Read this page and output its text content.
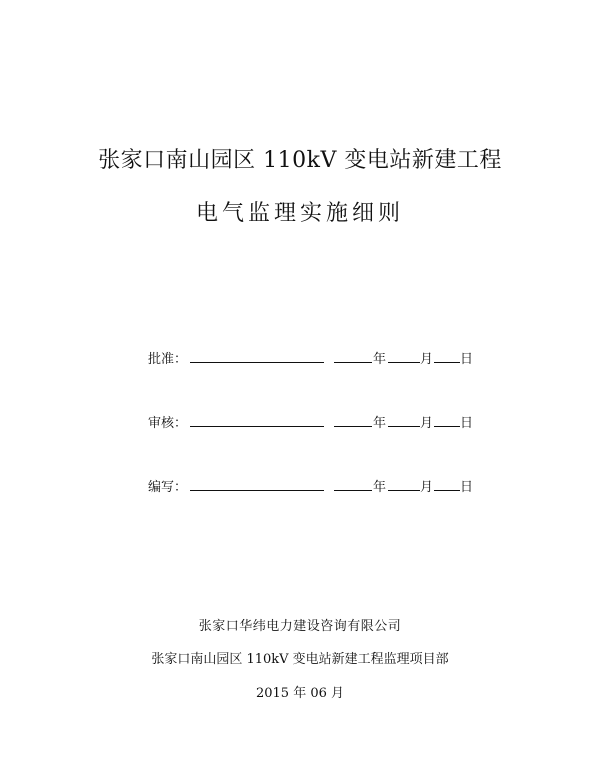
张家口南山园区 110kV 变电站新建工程
电气监理实施细则
批准：	年	月 日
审核：	年	月 日
编写：	年	月 日
张家口华纬电力建设咨询有限公司
张家口南山园区 110kV 变电站新建工程监理项目部
2015 年 06 月
